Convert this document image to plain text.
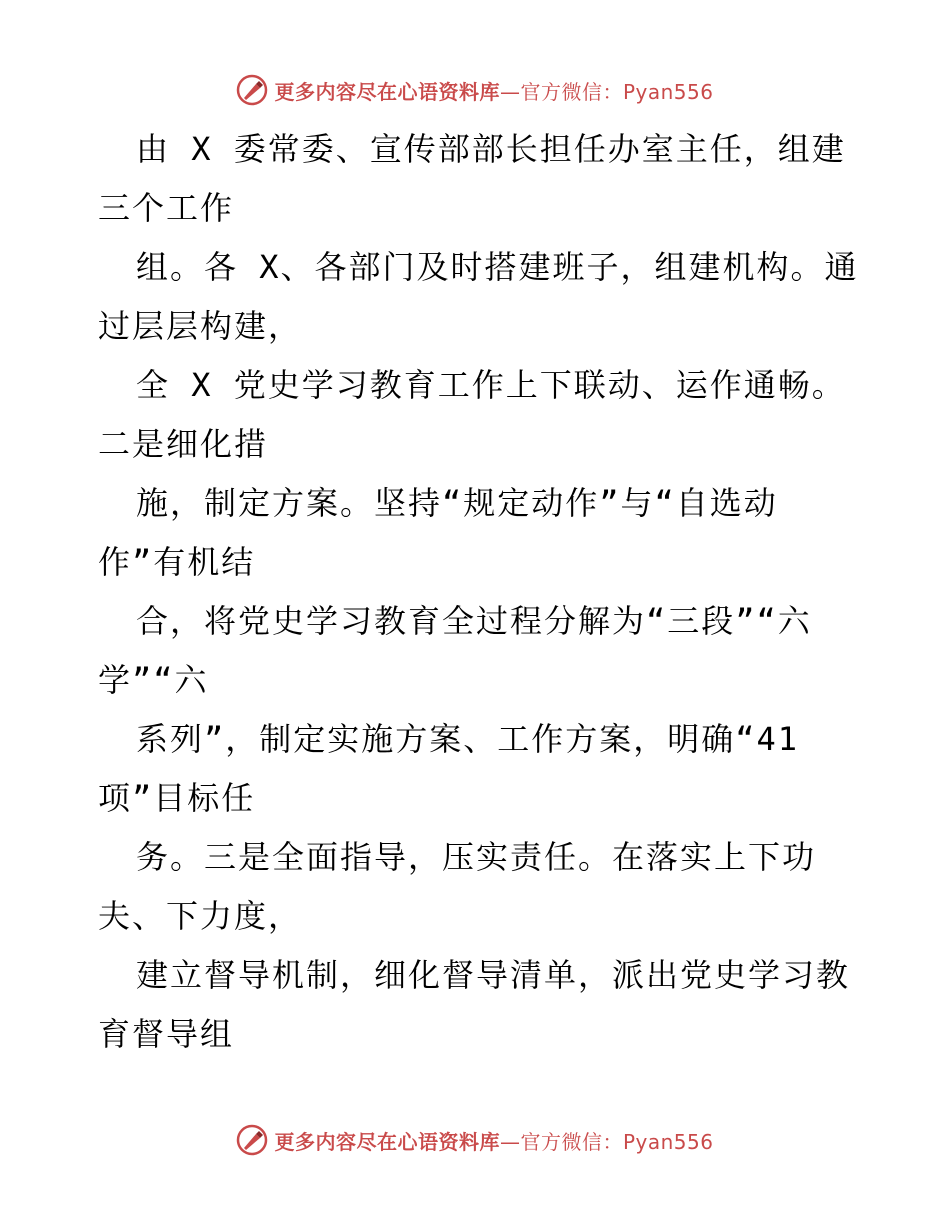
更多内容尽在心语资料库—官方微信：Pyan556
由 X 委常委、宣传部部长担任办室主任，组建
三个工作
组。各 X、各部门及时搭建班子，组建机构。通
过层层构建，
全 X 党史学习教育工作上下联动、运作通畅。
二是细化措
施，制定方案。坚持“规定动作”与“自选动
作”有机结
合，将党史学习教育全过程分解为“三段”“六
学”“六
系列”，制定实施方案、工作方案，明确“41
项”目标任
务。三是全面指导，压实责任。在落实上下功
夫、下力度，
建立督导机制，细化督导清单，派出党史学习教
育督导组
更多内容尽在心语资料库—官方微信：Pyan556
